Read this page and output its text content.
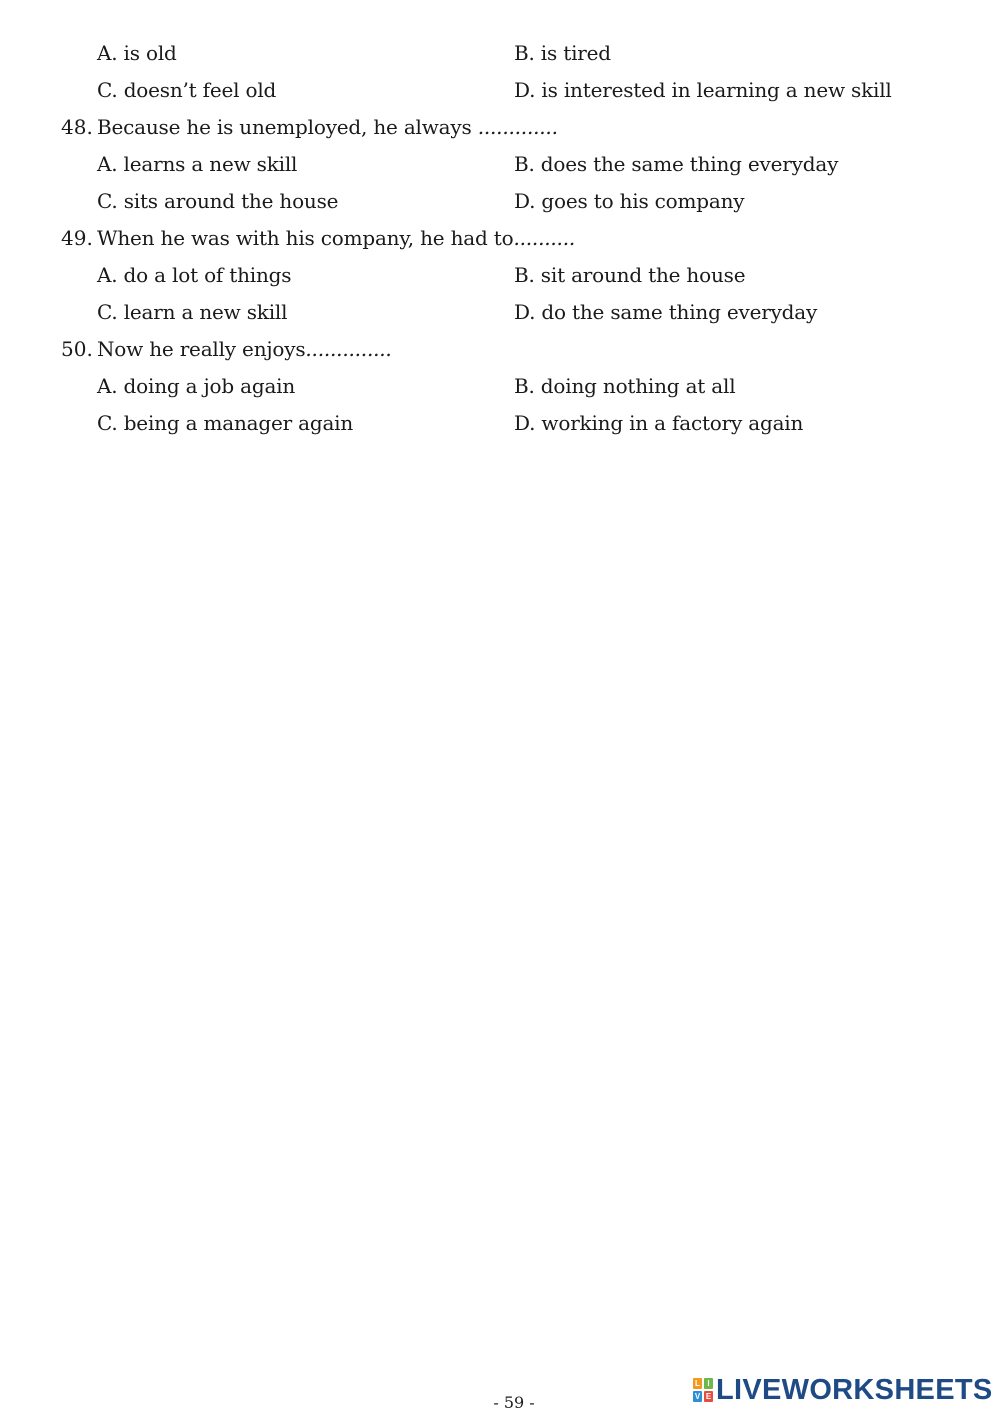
A. is old	B. is tired
C. doesn’t feel old	D. is interested in learning a new skill
48. Because he is unemployed, he always .............
A. learns a new skill	B. does the same thing everyday
C. sits around the house	D. goes to his company
49. When he was with his company, he had to..........
A. do a lot of things	B. sit around the house
C. learn a new skill	D. do the same thing everyday
50. Now he really enjoys..............
A. doing a job again	B. doing nothing at all
C. being a manager again	D. working in a factory again
- 59 -
L I
V E LIVEWORKSHEETS
